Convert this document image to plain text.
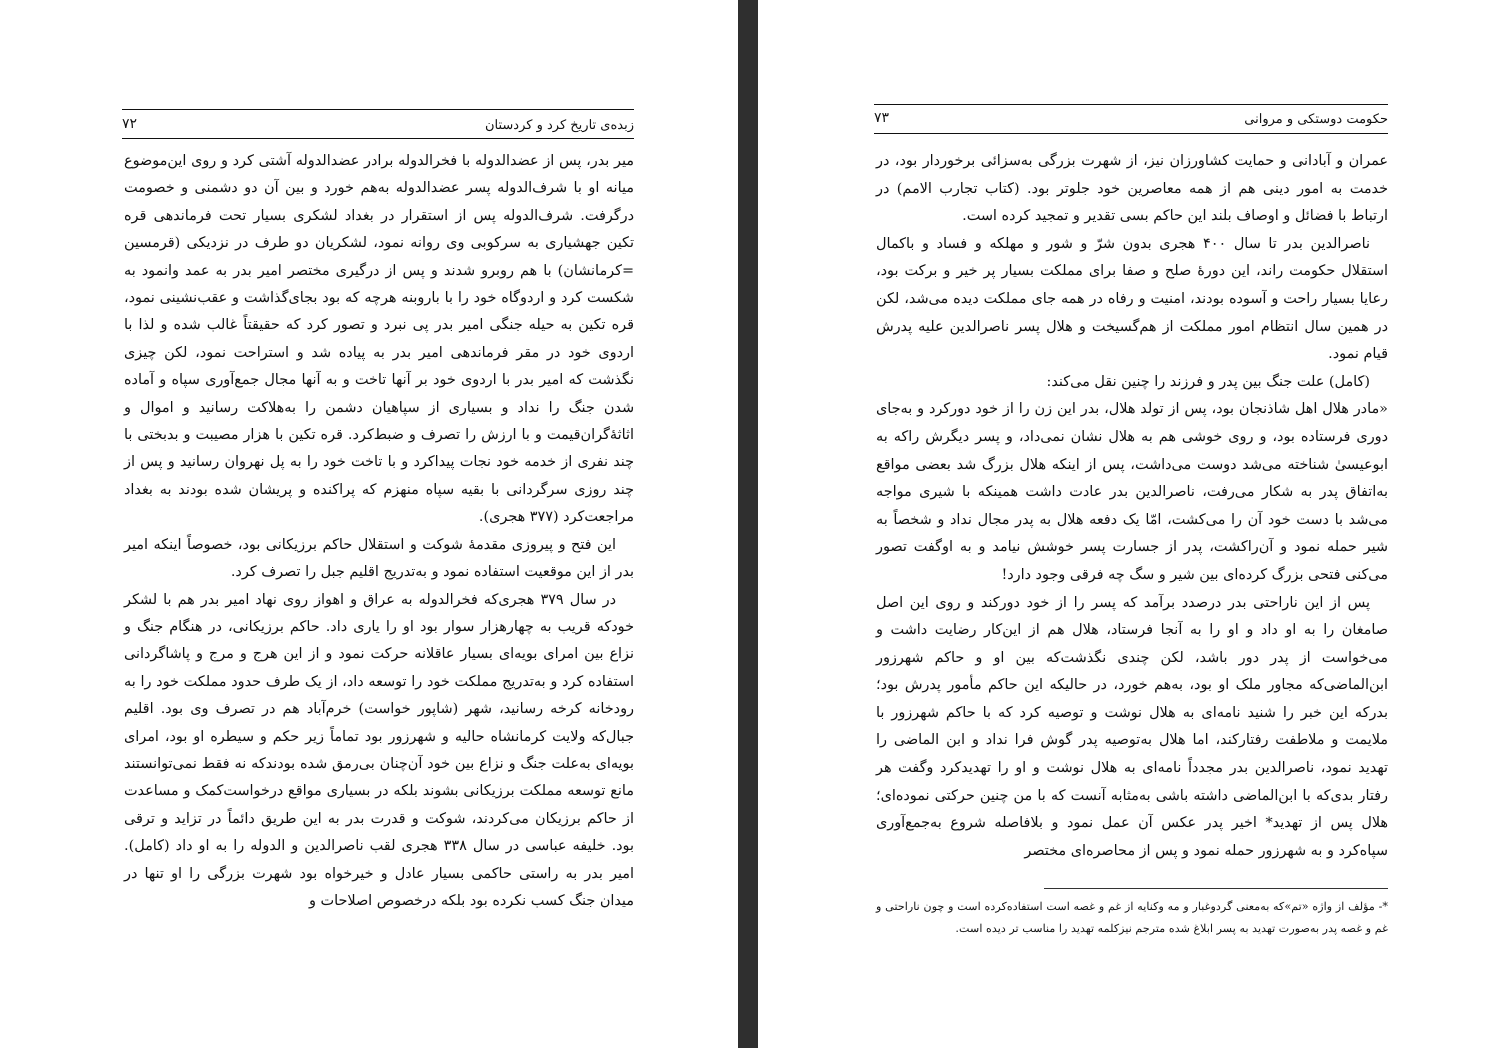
زبده‌ی تاریخ کرد و کردستان
۷۲

میر بدر، پس از عضدالدوله با فخرالدوله برادر عضدالدوله آشتی کرد و روی این‌موضوع میانه او با شرف‌الدوله پسر عضدالدوله به‌هم خورد و بین آن دو دشمنی و خصومت درگرفت. شرف‌الدوله پس از استقرار در بغداد لشکری بسیار تحت فرماندهی قره تکین جهشیاری به سرکوبی وی روانه نمود، لشکریان دو طرف در نزدیکی (قرمسین =کرمانشان) با هم روبرو شدند و پس از درگیری مختصر امیر بدر به عمد وانمود به شکست کرد و اردوگاه خود را با باروبنه هرچه که بود بجای‌گذاشت و عقب‌نشینی نمود، قره تکین به حیله جنگی امیر بدر پی نبرد و تصور کرد که حقیقتاً غالب شده و لذا با اردوی خود در مقر فرماندهی امیر بدر به پیاده شد و استراحت نمود، لکن چیزی نگذشت که امیر بدر با اردوی خود بر آنها تاخت و به آنها مجال جمع‌آوری سپاه و آماده شدن جنگ را نداد و بسیاری از سپاهیان دشمن را به‌هلاکت رسانید و اموال و اثاثهٔ‌گران‌قیمت و با ارزش را تصرف و ضبط‌کرد. قره تکین با هزار مصیبت و بدبختی با چند نفری از خدمه خود نجات پیداکرد و با تاخت خود را به پل نهروان رسانید و پس از چند روزی سرگردانی با بقیه سپاه منهزم‌ که پراکنده و پریشان شده بودند به بغداد مراجعت‌کرد (۳۷۷ هجری).

این فتح و پیروزی مقدمهٔ شوکت و استقلال حاکم برزیکانی بود، خصوصاً اینکه امیر بدر از این موقعیت استفاده نمود و به‌تدریج اقلیم جبل را تصرف‌ کرد.

در سال ۳۷۹ هجری‌که فخرالدوله به عراق و اهواز روی نهاد امیر بدر هم با لشکر خود‌که قریب به چهارهزار سوار بود او را یاری داد. حاکم برزیکانی، در هنگام جنگ و نزاع بین امرای بویه‌ای بسیار عاقلانه حرکت نمود و از این هرج و مرج و پاشاگردانی استفاده کرد و به‌تدریج مملکت خود را توسعه داد، از یک طرف حدود مملکت خود را به رودخانه کرخه رسانید، شهر (شاپور خواست) خرم‌آباد هم در تصرف وی بود. اقلیم جبال‌که ولایت کرمانشاه حالیه و شهرزور بود تماماً زیر حکم و سیطره او بود، امرای بویه‌ای به‌علت جنگ و نزاع بین خود آن‌چنان بی‌رمق شده بودند‌که نه فقط نمی‌توانستند مانع توسعه مملکت برزیکانی بشوند بلکه در بسیاری مواقع درخواست‌کمک و مساعدت از حاکم برزیکان می‌کردند، شوکت و قدرت بدر به این طریق دائماً در تزاید و ترقی بود. خلیفه عباسی در سال ۳۳۸ هجری لقب ناصرالدین و الدوله را به او داد (کامل). امیر بدر به راستی حاکمی بسیار عادل و خیرخواه بود شهرت بزرگی را او تنها در میدان جنگ‌ کسب نکرده بود بلکه درخصوص اصلاحات و

حکومت دوستکی و مروانی
۷۳

عمران و آبادانی و حمایت کشاورزان نیز، از شهرت بزرگی به‌سزائی برخوردار بود، در خدمت به امور دینی هم از همه معاصرین خود جلوتر بود. (کتاب تجارب الامم) در ارتباط با فضائل و اوصاف بلند این حاکم بسی تقدیر و تمجید کرده است.

ناصرالدین بدر تا سال ۴۰۰ هجری بدون شرّ و شور و مهلکه و فساد و باکمال استقلال حکومت راند، این دورهٔ صلح و صفا برای مملکت بسیار پر خیر و برکت بود، رعایا بسیار راحت و آسوده بودند، امنیت و رفاه در همه جای مملکت دیده می‌شد، لکن در همین سال انتظام امور مملکت از هم‌گسیخت و هلال پسر ناصرالدین علیه پدرش قیام نمود.

(کامل) علت جنگ بین پدر و فرزند را چنین نقل می‌کند:

«مادر هلال اهل شاذنجان بود، پس از تولد هلال، بدر این زن را از خود دورکرد و به‌جای دوری فرستاده بود، و روی خوشی هم به هلال نشان نمی‌داد، و پسر دیگرش را‌که به ابوعیسیٰ شناخته می‌شد دوست می‌داشت، پس از اینکه هلال بزرگ شد بعضی مواقع به‌اتفاق پدر به شکار می‌رفت، ناصرالدین بدر عادت داشت همینکه با شیری مواجه می‌شد با دست خود آن را می‌کشت، امّا یک دفعه هلال به پدر مجال نداد و شخصاً به شیر حمله نمود و آن‌راکشت، پدر از جسارت پسر خوشش نیامد و به اوگفت تصور می‌کنی فتحی بزرگ کرده‌ای بین شیر و سگ چه فرقی وجود دارد!

پس از این ناراحتی بدر درصدد برآمد که پسر را از خود دور‌کند و روی این اصل صامغان را به او داد و او را به آنجا فرستاد، هلال هم از این‌کار رضایت داشت و می‌خواست از پدر دور باشد، لکن چندی نگذشت‌که بین او و حاکم شهرزور ابن‌الماضی‌که مجاور ملک او بود، به‌هم خورد، در حالیکه این حاکم مأمور پدرش بود؛ بدرکه این خبر را شنید نامه‌ای به هلال نوشت و توصیه کرد که با حاکم شهرزور با ملایمت و ملاطفت رفتار‌کند، اما هلال به‌توصیه پدر گوش فرا نداد و ابن الماضی را تهدید نمود، ناصرالدین بدر مجدداً نامه‌ای به هلال نوشت و او را تهدید‌کرد وگفت هر رفتار بدی‌که با ابن‌الماضی داشته باشی به‌مثابه آنست که با من چنین حرکتی نموده‌ای؛ هلال پس از تهدید* اخیر پدر عکس آن عمل نمود و بلافاصله شروع به‌جمع‌آوری سپاه‌کرد و به شهرزور حمله نمود و پس از محاصره‌ای مختصر

*- مؤلف از واژه «تم»که به‌معنی گردوغبار و مه و‌کنایه از غم و غصه است استفاده‌کرده است و چون ناراحتی و غم و غصه پدر به‌صورت تهدید به پسر ابلاغ شده مترجم نیز‌کلمه تهدید را مناسب تر دیده است.
